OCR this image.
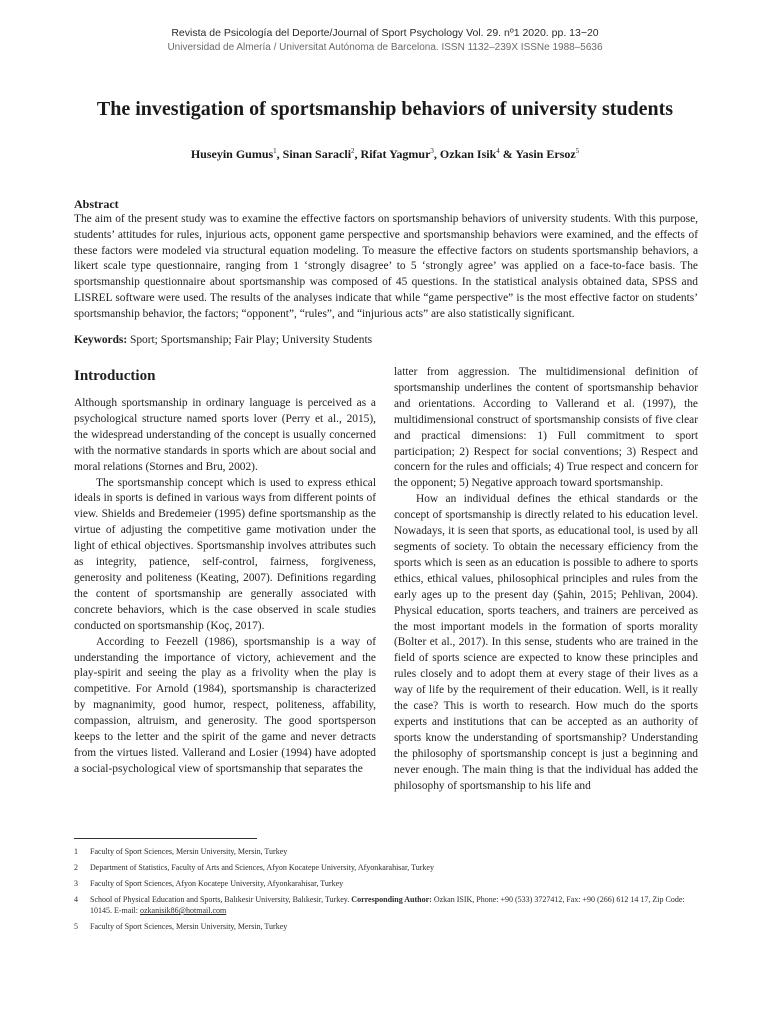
Revista de Psicología del Deporte/Journal of Sport Psychology Vol. 29. nº1 2020. pp. 13−20
Universidad de Almería / Universitat Autónoma de Barcelona. ISSN 1132–239X ISSNe 1988–5636
The investigation of sportsmanship behaviors of university students
Huseyin Gumus$^1$, Sinan Saracli$^2$, Rifat Yagmur$^3$, Ozkan Isik$^4$ & Yasin Ersoz$^5$
Abstract
The aim of the present study was to examine the effective factors on sportsmanship behaviors of university students. With this purpose, students’ attitudes for rules, injurious acts, opponent game perspective and sportsmanship behaviors were examined, and the effects of these factors were modeled via structural equation modeling. To measure the effective factors on students sportsmanship behaviors, a likert scale type questionnaire, ranging from 1 ‘strongly disagree’ to 5 ‘strongly agree’ was applied on a face-to-face basis. The sportsmanship questionnaire about sportsmanship was composed of 45 questions. In the statistical analysis obtained data, SPSS and LISREL software were used. The results of the analyses indicate that while “game perspective” is the most effective factor on students’ sportsmanship behavior, the factors; “opponent”, “rules”, and “injurious acts” are also statistically significant.
Keywords: Sport; Sportsmanship; Fair Play; University Students
Introduction

Although sportsmanship in ordinary language is perceived as a psychological structure named sports lover (Perry et al., 2015), the widespread understanding of the concept is usually concerned with the normative standards in sports which are about social and moral relations (Stornes and Bru, 2002).

The sportsmanship concept which is used to express ethical ideals in sports is defined in various ways from different points of view. Shields and Bredemeier (1995) define sportsmanship as the virtue of adjusting the competitive game motivation under the light of ethical objectives. Sportsmanship involves attributes such as integrity, patience, self-control, fairness, forgiveness, generosity and politeness (Keating, 2007). Definitions regarding the content of sportsmanship are generally associated with concrete behaviors, which is the case observed in scale studies conducted on sportsmanship (Koç, 2017).

According to Feezell (1986), sportsmanship is a way of understanding the importance of victory, achievement and the play-spirit and seeing the play as a frivolity when the play is competitive. For Arnold (1984), sportsmanship is characterized by magnanimity, good humor, respect, politeness, affability, compassion, altruism, and generosity. The good sportsperson keeps to the letter and the spirit of the game and never detracts from the virtues listed. Vallerand and Losier (1994) have adopted a social-psychological view of sportsmanship that separates the

latter from aggression. The multidimensional definition of sportsmanship underlines the content of sportsmanship behavior and orientations. According to Vallerand et al. (1997), the multidimensional construct of sportsmanship consists of five clear and practical dimensions: 1) Full commitment to sport participation; 2) Respect for social conventions; 3) Respect and concern for the rules and officials; 4) True respect and concern for the opponent; 5) Negative approach toward sportsmanship.

How an individual defines the ethical standards or the concept of sportsmanship is directly related to his education level. Nowadays, it is seen that sports, as educational tool, is used by all segments of society. To obtain the necessary efficiency from the sports which is seen as an education is possible to adhere to sports ethics, ethical values, philosophical principles and rules from the early ages up to the present day (Şahin, 2015; Pehlivan, 2004). Physical education, sports teachers, and trainers are perceived as the most important models in the formation of sports morality (Bolter et al., 2017). In this sense, students who are trained in the field of sports science are expected to know these principles and rules closely and to adopt them at every stage of their lives as a way of life by the requirement of their education. Well, is it really the case? This is worth to research. How much do the sports experts and institutions that can be accepted as an authority of sports know the understanding of sportsmanship? Understanding the philosophy of sportsmanship concept is just a beginning and never enough. The main thing is that the individual has added the philosophy of sportsmanship to his life and

1 Faculty of Sport Sciences, Mersin University, Mersin, Turkey
2 Department of Statistics, Faculty of Arts and Sciences, Afyon Kocatepe University, Afyonkarahisar, Turkey
3 Faculty of Sport Sciences, Afyon Kocatepe University, Afyonkarahisar, Turkey
4 School of Physical Education and Sports, Balıkesir University, Balıkesir, Turkey. Corresponding Author: Ozkan ISIK, Phone: +90 (533) 3727412, Fax: +90 (266) 612 14 17, Zip Code: 10145. E-mail: ozkanisik86@hotmail.com
5 Faculty of Sport Sciences, Mersin University, Mersin, Turkey
